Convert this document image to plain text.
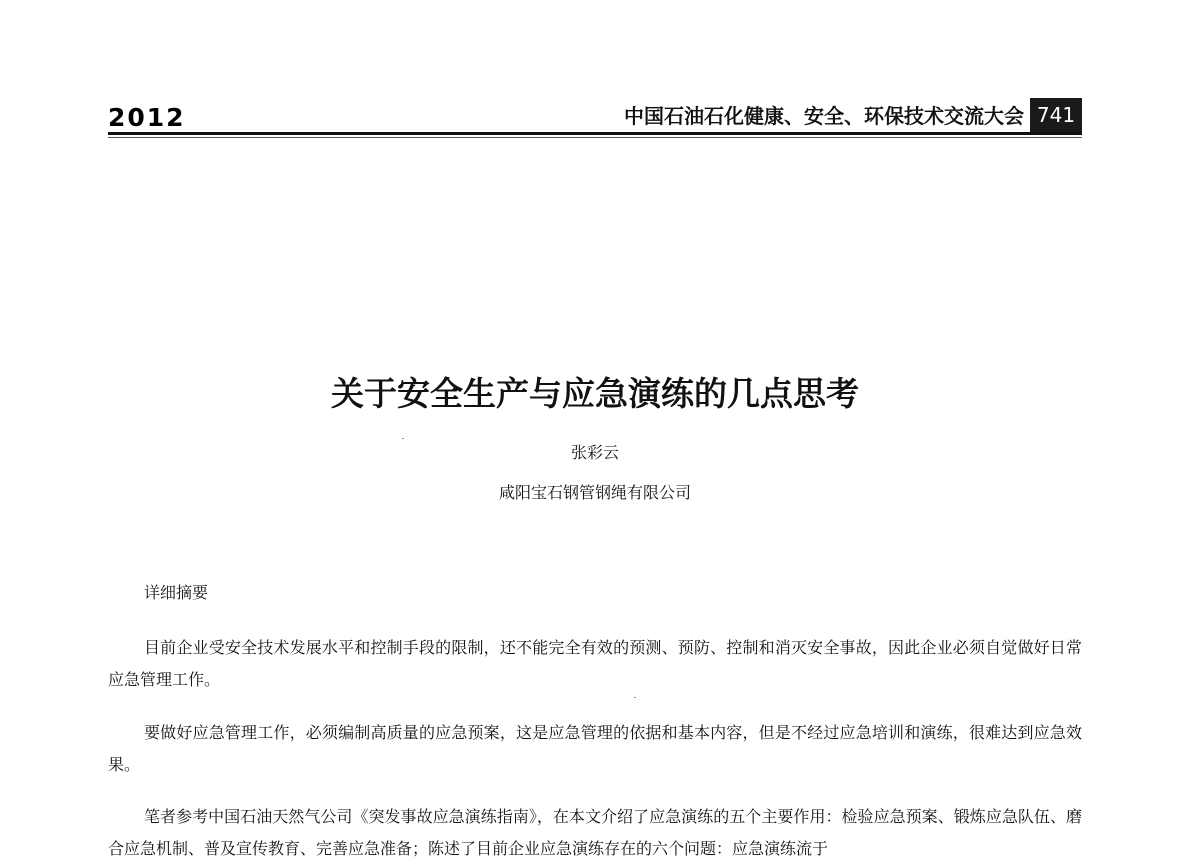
2012	中国石油石化健康、安全、环保技术交流大会 741
关于安全生产与应急演练的几点思考
张彩云
咸阳宝石钢管钢绳有限公司
详细摘要

目前企业受安全技术发展水平和控制手段的限制，还不能完全有效的预测、预防、控制和消灭安全事故，因此企业必须自觉做好日常应急管理工作。

要做好应急管理工作，必须编制高质量的应急预案，这是应急管理的依据和基本内容，但是不经过应急培训和演练，很难达到应急效果。

笔者参考中国石油天然气公司《突发事故应急演练指南》，在本文介绍了应急演练的五个主要作用：检验应急预案、锻炼应急队伍、磨合应急机制、普及宣传教育、完善应急准备；陈述了目前企业应急演练存在的六个问题：应急演练流于
